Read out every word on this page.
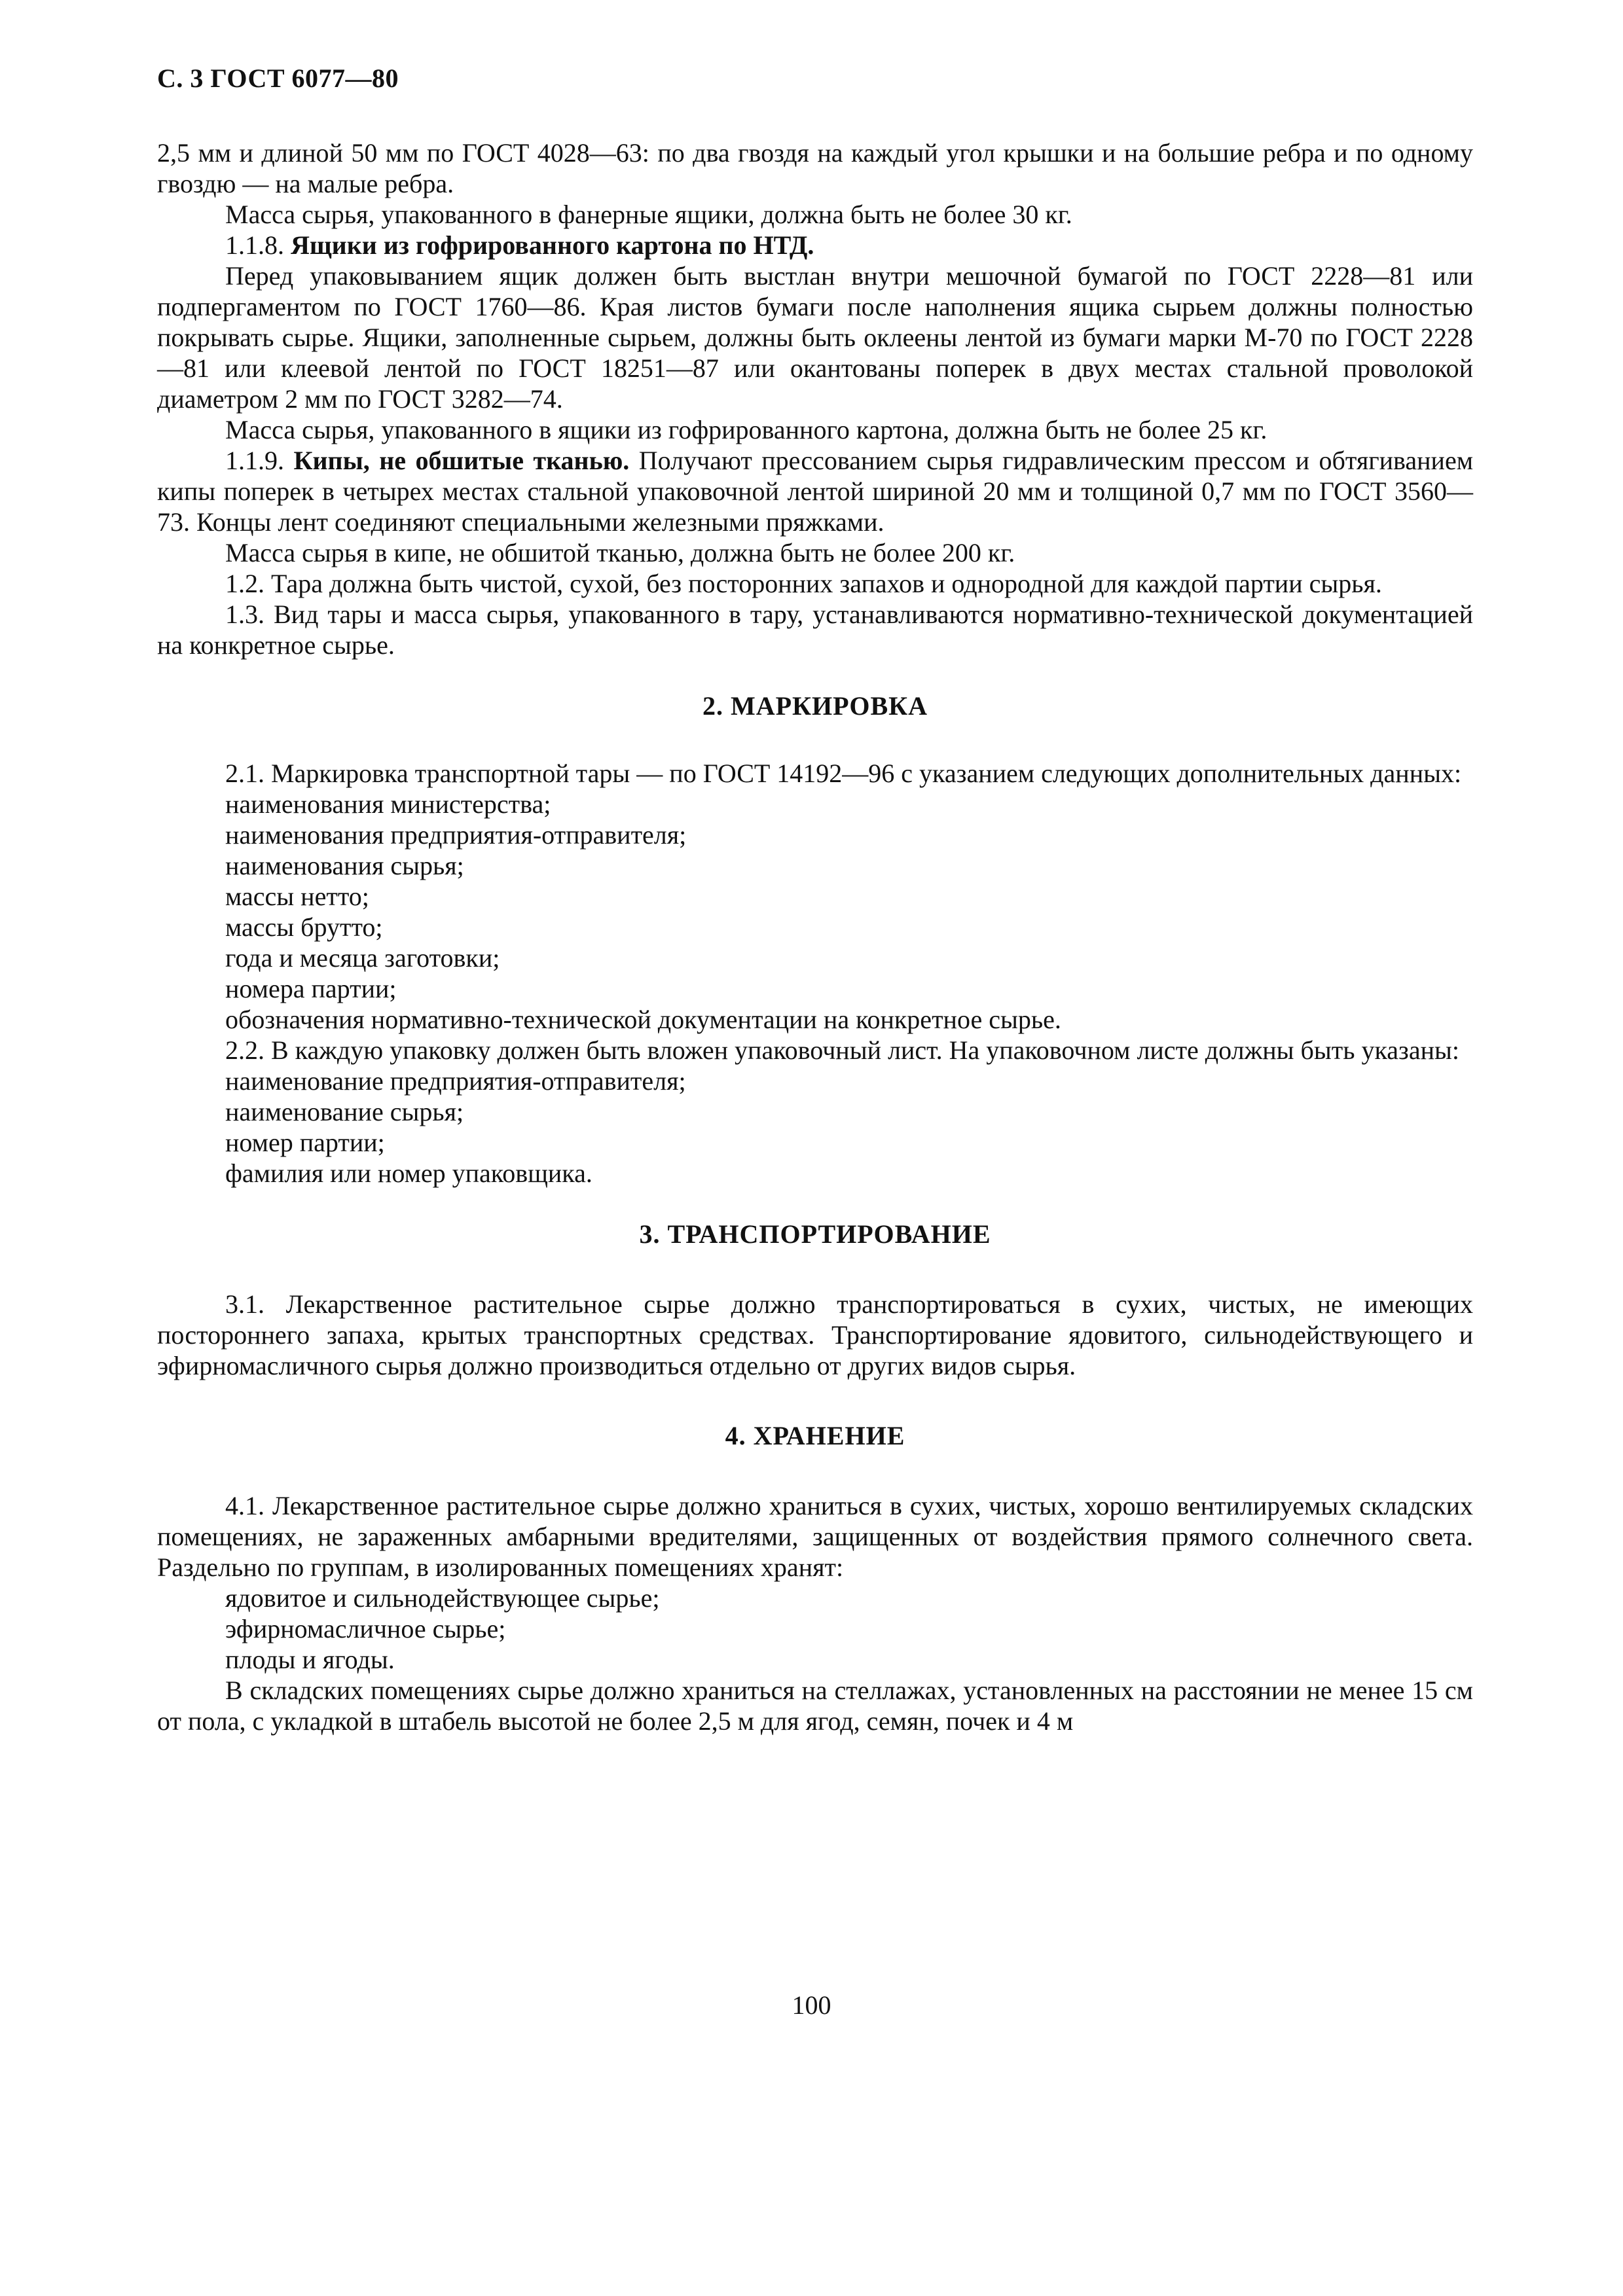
С. 3 ГОСТ 6077—80

2,5 мм и длиной 50 мм по ГОСТ 4028—63: по два гвоздя на каждый угол крышки и на большие ребра и по одному гвоздю — на малые ребра.

Масса сырья, упакованного в фанерные ящики, должна быть не более 30 кг.

1.1.8. Ящики из гофрированного картона по НТД.

Перед упаковыванием ящик должен быть выстлан внутри мешочной бумагой по ГОСТ 2228—81 или подпергаментом по ГОСТ 1760—86. Края листов бумаги после наполнения ящика сырьем должны полностью покрывать сырье. Ящики, заполненные сырьем, должны быть оклеены лентой из бумаги марки М-70 по ГОСТ 2228—81 или клеевой лентой по ГОСТ 18251—87 или окантованы поперек в двух местах стальной проволокой диаметром 2 мм по ГОСТ 3282—74.

Масса сырья, упакованного в ящики из гофрированного картона, должна быть не более 25 кг.

1.1.9. Кипы, не обшитые тканью. Получают прессованием сырья гидравлическим прессом и обтягиванием кипы поперек в четырех местах стальной упаковочной лентой шириной 20 мм и толщиной 0,7 мм по ГОСТ 3560—73. Концы лент соединяют специальными железными пряжками.

Масса сырья в кипе, не обшитой тканью, должна быть не более 200 кг.

1.2. Тара должна быть чистой, сухой, без посторонних запахов и однородной для каждой партии сырья.

1.3. Вид тары и масса сырья, упакованного в тару, устанавливаются нормативно-технической документацией на конкретное сырье.

2. МАРКИРОВКА

2.1. Маркировка транспортной тары — по ГОСТ 14192—96 с указанием следующих дополнительных данных:

наименования министерства;

наименования предприятия-отправителя;

наименования сырья;

массы нетто;

массы брутто;

года и месяца заготовки;

номера партии;

обозначения нормативно-технической документации на конкретное сырье.

2.2. В каждую упаковку должен быть вложен упаковочный лист. На упаковочном листе должны быть указаны:

наименование предприятия-отправителя;

наименование сырья;

номер партии;

фамилия или номер упаковщика.

3. ТРАНСПОРТИРОВАНИЕ

3.1. Лекарственное растительное сырье должно транспортироваться в сухих, чистых, не имеющих постороннего запаха, крытых транспортных средствах. Транспортирование ядовитого, сильнодействующего и эфирномасличного сырья должно производиться отдельно от других видов сырья.

4. ХРАНЕНИЕ

4.1. Лекарственное растительное сырье должно храниться в сухих, чистых, хорошо вентилируемых складских помещениях, не зараженных амбарными вредителями, защищенных от воздействия прямого солнечного света. Раздельно по группам, в изолированных помещениях хранят:

ядовитое и сильнодействующее сырье;

эфирномасличное сырье;

плоды и ягоды.

В складских помещениях сырье должно храниться на стеллажах, установленных на расстоянии не менее 15 см от пола, с укладкой в штабель высотой не более 2,5 м для ягод, семян, почек и 4 м

100
